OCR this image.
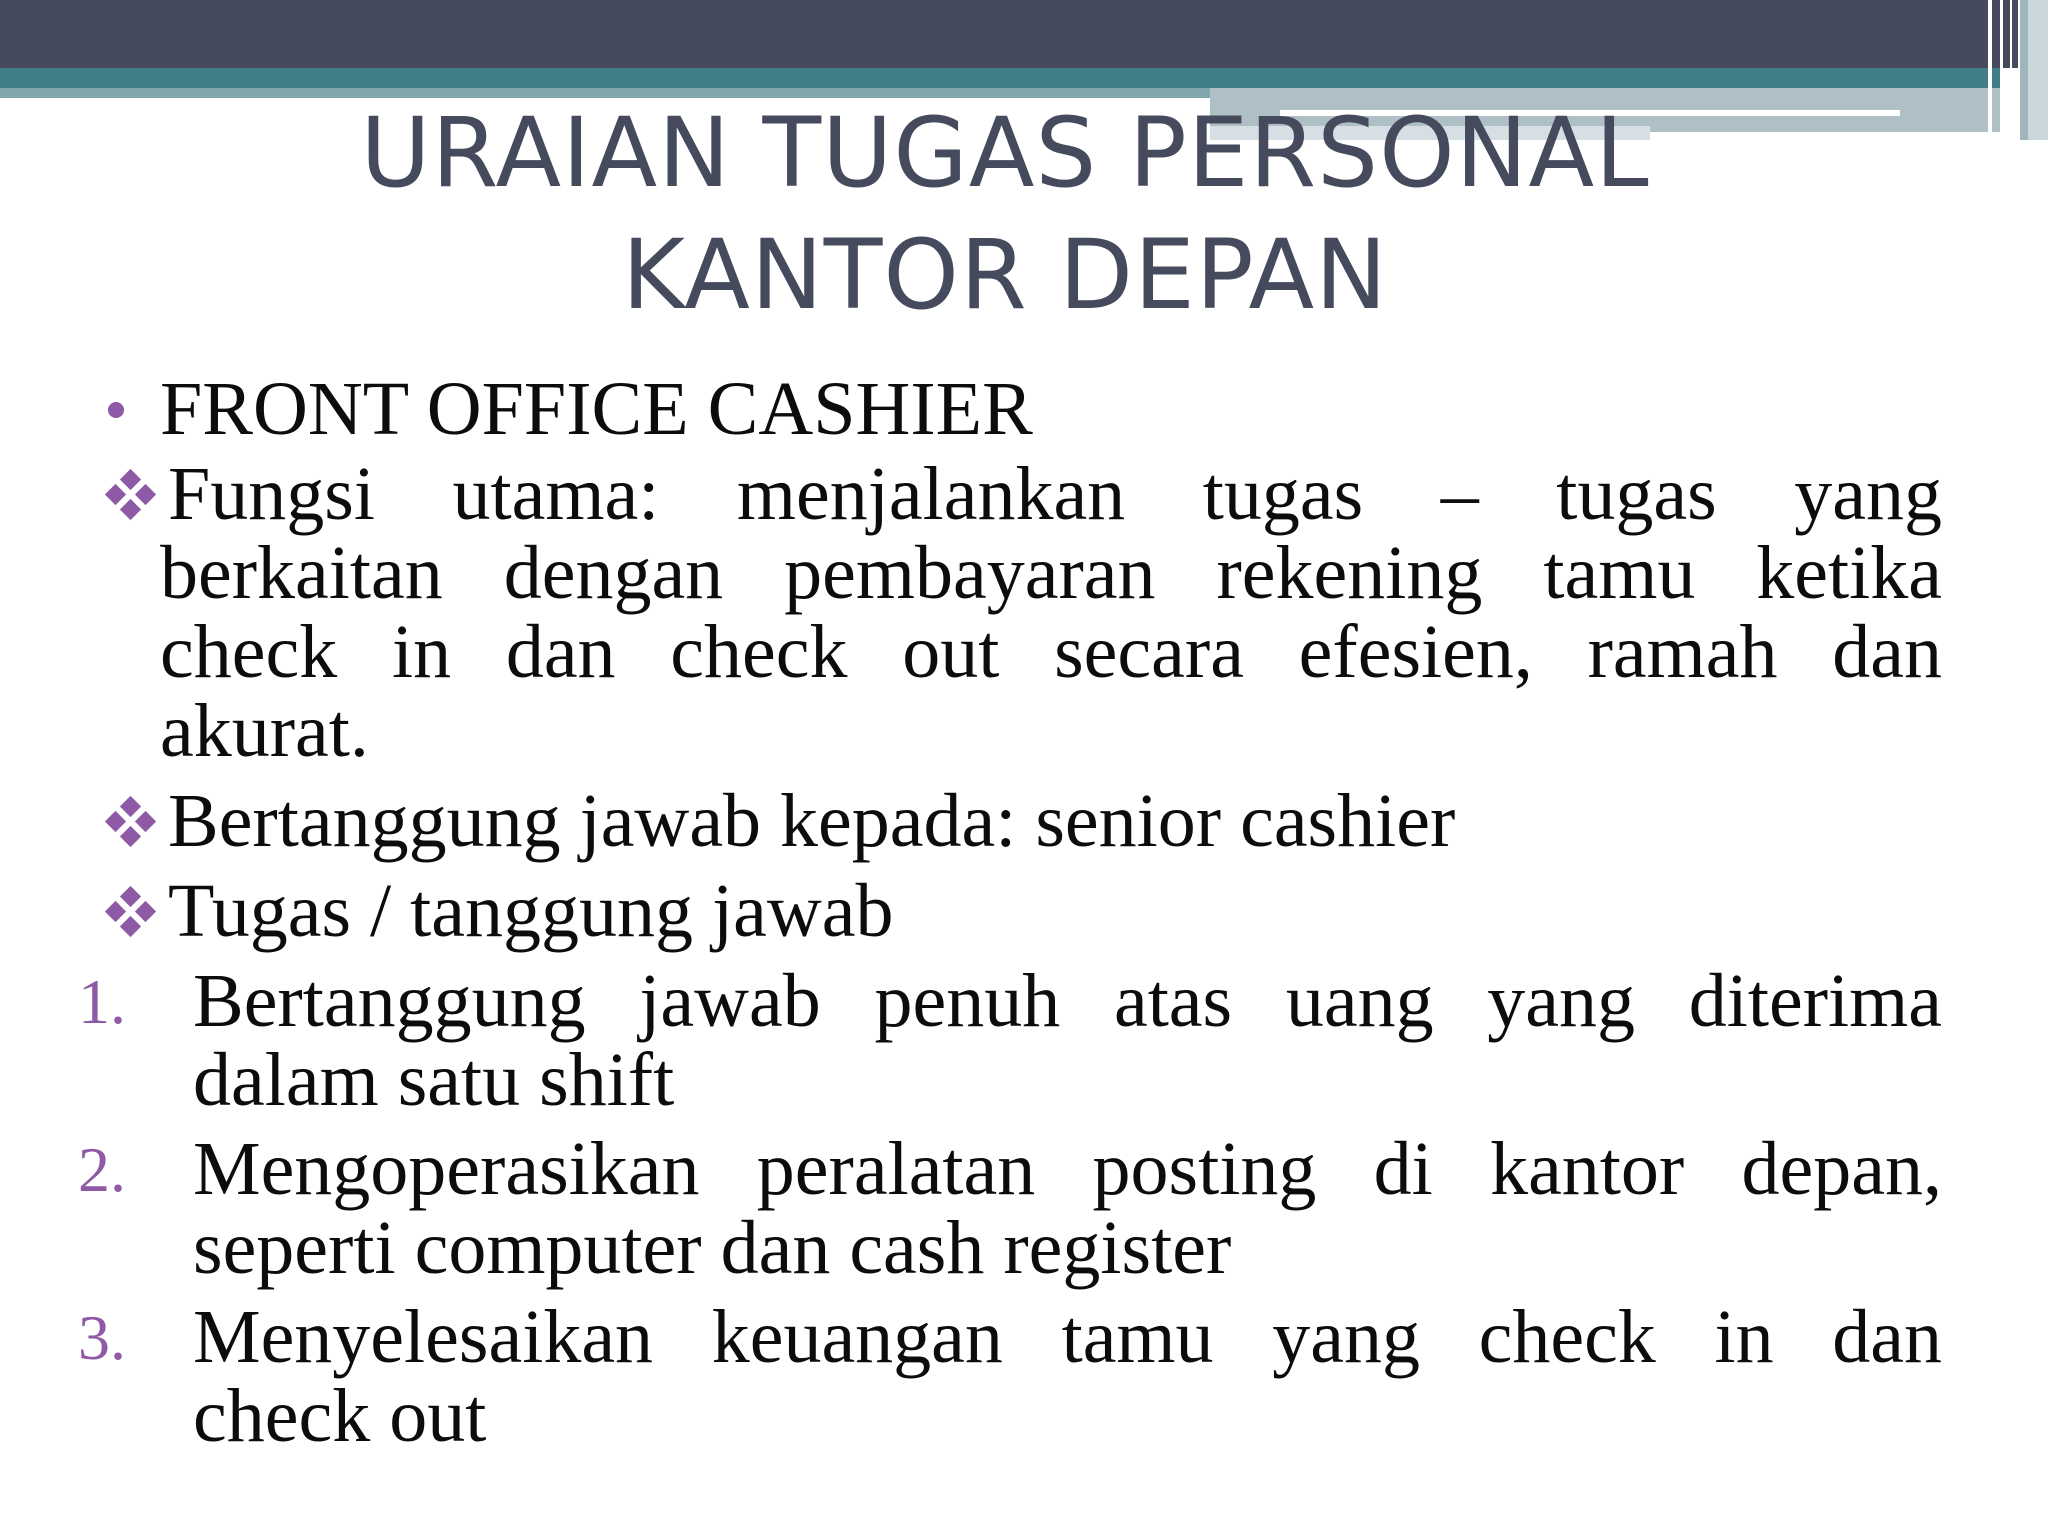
URAIAN TUGAS PERSONAL
KANTOR DEPAN
FRONT OFFICE CASHIER
Fungsi utama: menjalankan tugas – tugas yang
berkaitan dengan pembayaran rekening tamu ketika
check in dan check out secara efesien, ramah dan
akurat.
Bertanggung jawab kepada: senior cashier
Tugas / tanggung jawab
1. Bertanggung jawab penuh atas uang yang diterima
dalam satu shift
2. Mengoperasikan peralatan posting di kantor depan,
seperti computer dan cash register
3. Menyelesaikan keuangan tamu yang check in dan
check out
